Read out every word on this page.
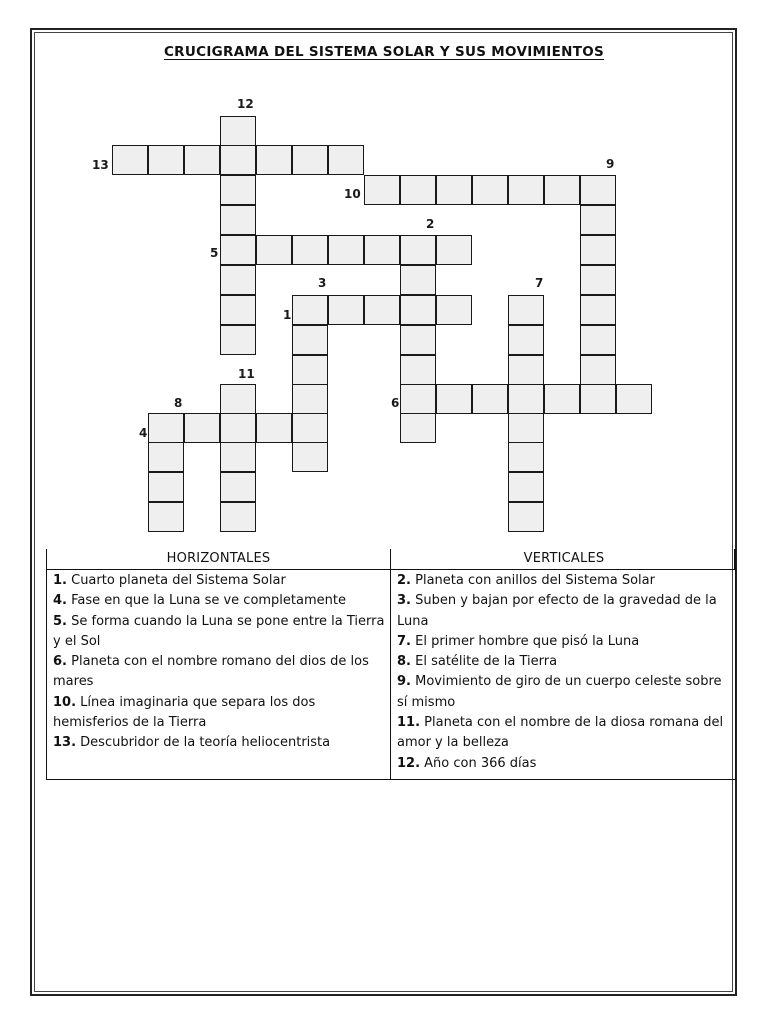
CRUCIGRAMA DEL SISTEMA SOLAR Y SUS MOVIMIENTOS
12
13	9
10
2
5
3	7
1
11
8	6
4
HORIZONTALES

1. Cuarto planeta del Sistema Solar

4. Fase en que la Luna se ve completamente

5. Se forma cuando la Luna se pone entre la Tierra y el Sol

6. Planeta con el nombre romano del dios de los mares

10. Línea imaginaria que separa los dos hemisferios de la Tierra

13. Descubridor de la teoría heliocentrista

VERTICALES

2. Planeta con anillos del Sistema Solar

3. Suben y bajan por efecto de la gravedad de la Luna

7. El primer hombre que pisó la Luna

8. El satélite de la Tierra

9. Movimiento de giro de un cuerpo celeste sobre sí mismo

11. Planeta con el nombre de la diosa romana del amor y la belleza

12. Año con 366 días
